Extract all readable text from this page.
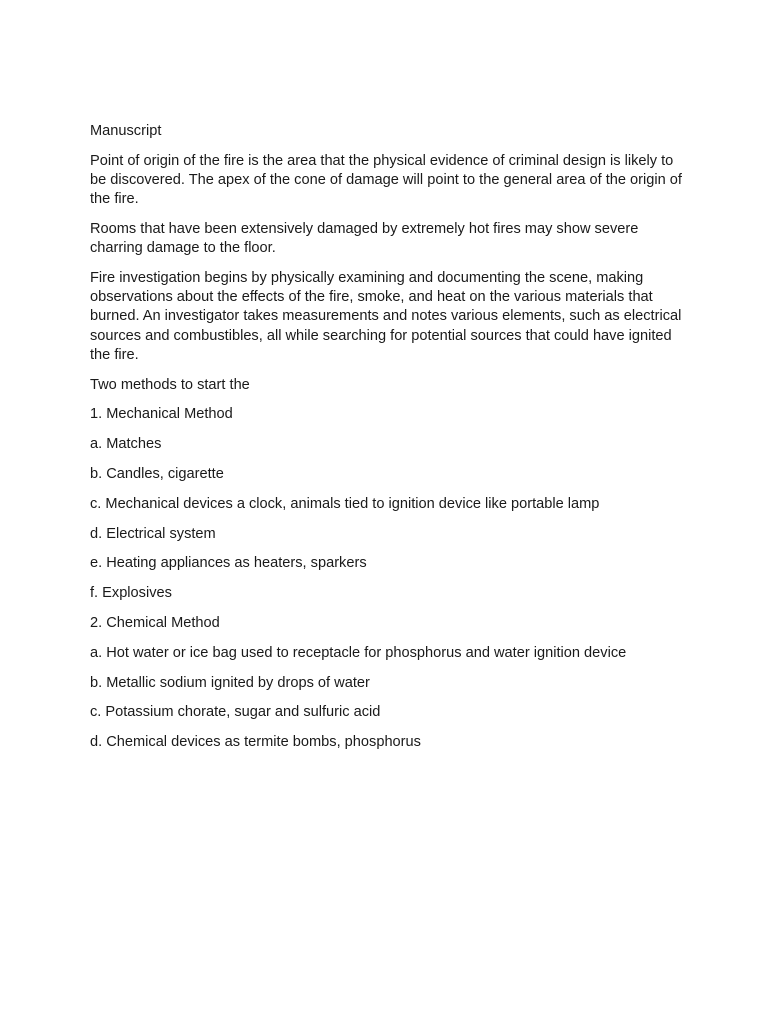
Manuscript

Point of origin of the fire is the area that the physical evidence of criminal design is likely to be discovered. The apex of the cone of damage will point to the general area of the origin of the fire.

Rooms that have been extensively damaged by extremely hot fires may show severe charring damage to the floor.

Fire investigation begins by physically examining and documenting the scene, making observations about the effects of the fire, smoke, and heat on the various materials that burned. An investigator takes measurements and notes various elements, such as electrical sources and combustibles, all while searching for potential sources that could have ignited the fire.

Two methods to start the

1. Mechanical Method

a. Matches

b. Candles, cigarette

c. Mechanical devices a clock, animals tied to ignition device like portable lamp

d. Electrical system

e. Heating appliances as heaters, sparkers

f. Explosives

2. Chemical Method

a. Hot water or ice bag used to receptacle for phosphorus and water ignition device

b. Metallic sodium ignited by drops of water

c. Potassium chorate, sugar and sulfuric acid

d. Chemical devices as termite bombs, phosphorus
